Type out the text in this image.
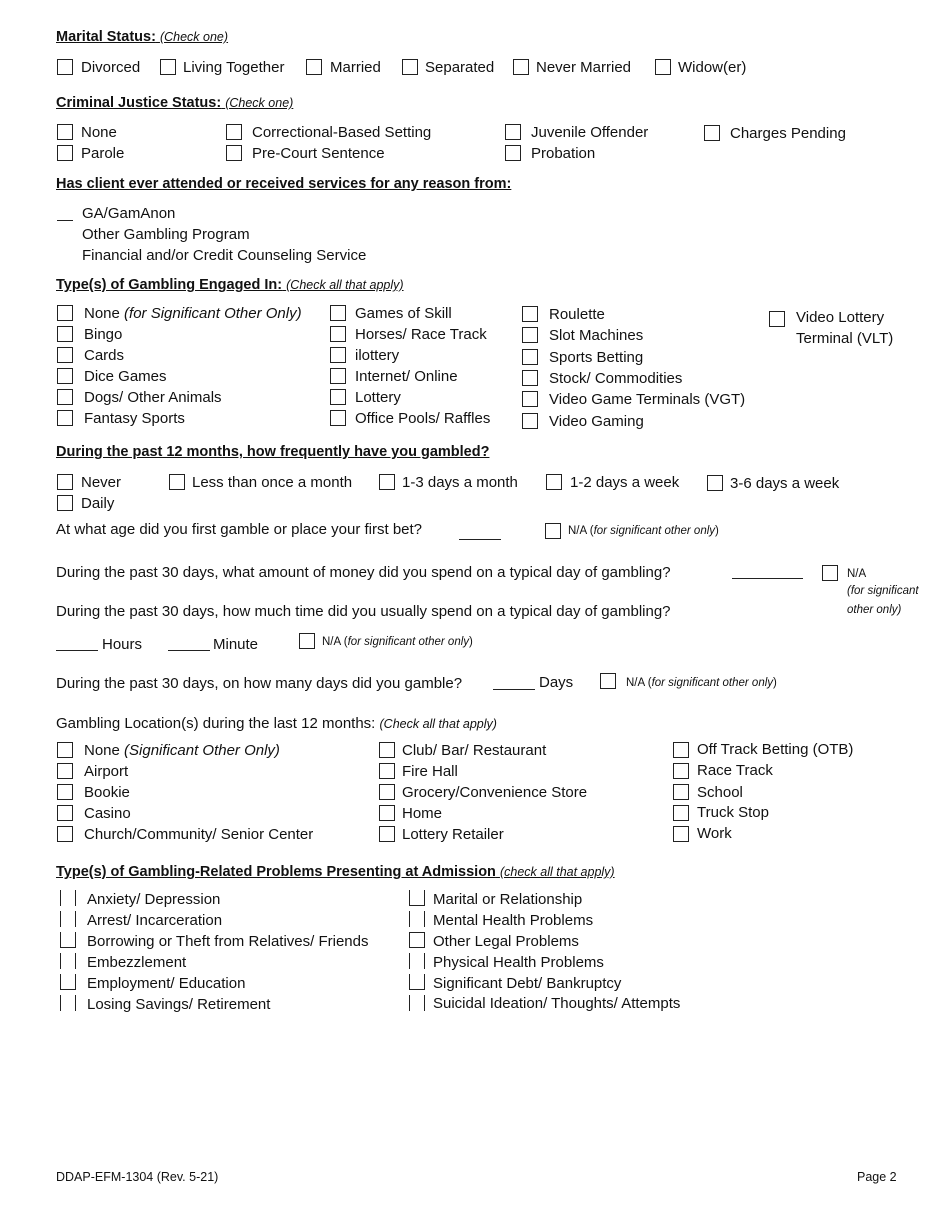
Marital Status: (Check one)
Divorced	Living Together	Married	Separated	Never Married	Widow(er)
Criminal Justice Status: (Check one)
None
Parole
Correctional-Based Setting
Pre-Court Sentence
Juvenile Offender
Probation
Charges Pending
Has client ever attended or received services for any reason from:
GA/GamAnon
Other Gambling Program
Financial and/or Credit Counseling Service
Type(s) of Gambling Engaged In: (Check all that apply)
None (for Significant Other Only)
Bingo
Cards
Dice Games
Dogs/ Other Animals
Fantasy Sports
Games of Skill
Horses/ Race Track
ilottery
Internet/ Online
Lottery
Office Pools/ Raffles
Roulette
Slot Machines
Sports Betting
Stock/ Commodities
Video Game Terminals (VGT)
Video Gaming
Video Lottery
Terminal (VLT)
During the past 12 months, how frequently have you gambled?
Never	Less than once a month	1-3 days a month	1-2 days a week	3-6 days a week
Daily
At what age did you first gamble or place your first bet?	N/A (for significant other only)
During the past 30 days, what amount of money did you spend on a typical day of gambling?	N/A
(for significant
other only)
During the past 30 days, how much time did you usually spend on a typical day of gambling?
Hours	Minute	N/A (for significant other only)
During the past 30 days, on how many days did you gamble?	Days	N/A (for significant other only)
Gambling Location(s) during the last 12 months: (Check all that apply)
None (Significant Other Only)
Airport
Bookie
Casino
Church/Community/ Senior Center
Club/ Bar/ Restaurant
Fire Hall
Grocery/Convenience Store
Home
Lottery Retailer
Off Track Betting (OTB)
Race Track
School
Truck Stop
Work
Type(s) of Gambling-Related Problems Presenting at Admission (check all that apply)
Anxiety/ Depression
Arrest/ Incarceration
Borrowing or Theft from Relatives/ Friends
Embezzlement
Employment/ Education
Losing Savings/ Retirement
Marital or Relationship
Mental Health Problems
Other Legal Problems
Physical Health Problems
Significant Debt/ Bankruptcy
Suicidal Ideation/ Thoughts/ Attempts
DDAP-EFM-1304 (Rev. 5-21)	Page 2
